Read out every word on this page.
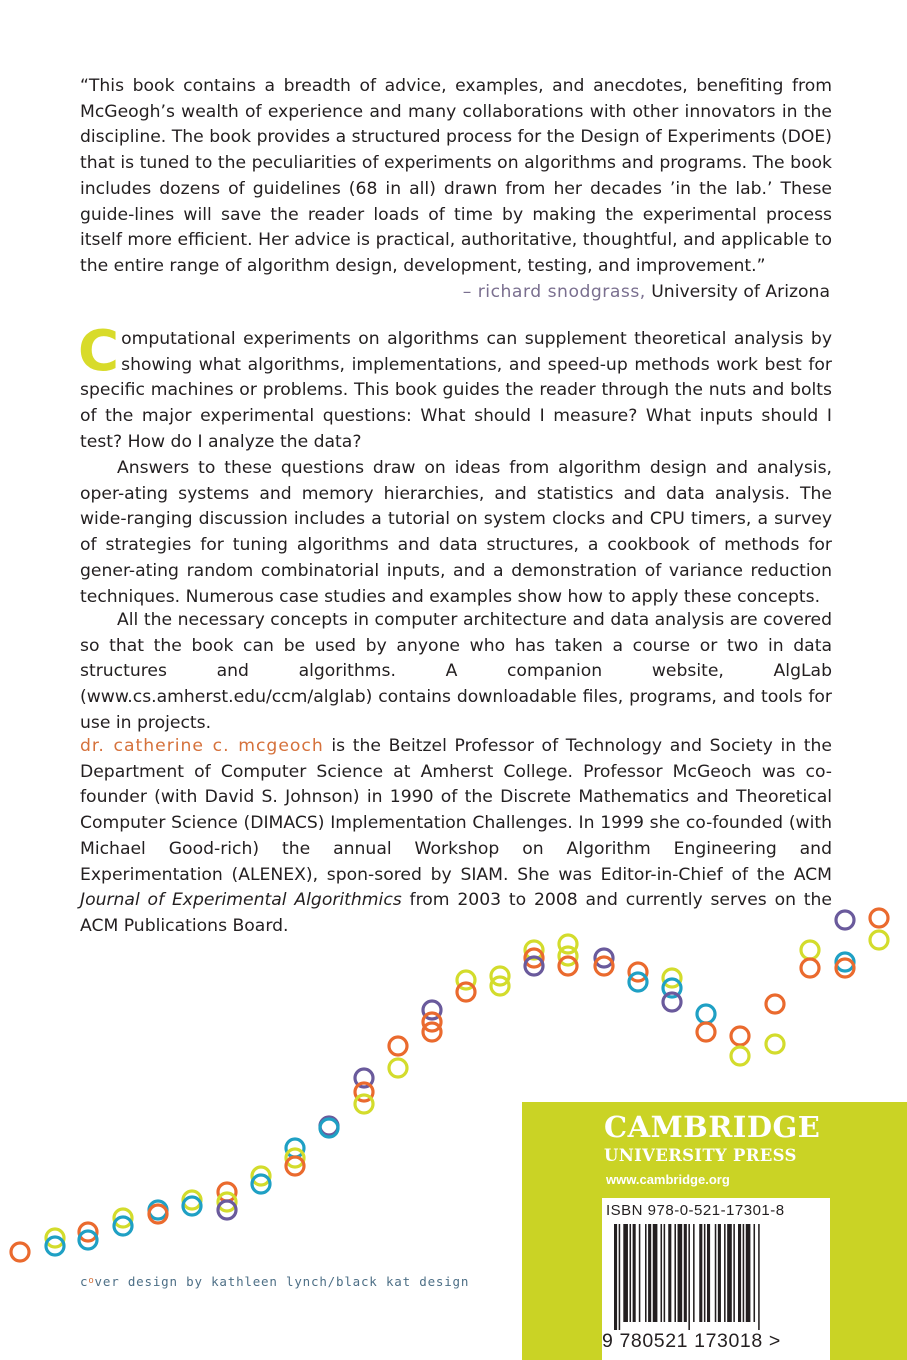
“This book contains a breadth of advice, examples, and anecdotes, benefiting from McGeogh’s wealth of experience and many collaborations with other innovators in the discipline. The book provides a structured process for the Design of Experiments (DOE) that is tuned to the peculiarities of experiments on algorithms and programs. The book includes dozens of guidelines (68 in all) drawn from her decades ’in the lab.’ These guide-lines will save the reader loads of time by making the experimental process itself more efficient. Her advice is practical, authoritative, thoughtful, and applicable to the entire range of algorithm design, development, testing, and improvement.”

– richard snodgrass, University of Arizona

Computational experiments on algorithms can supplement theoretical analysis by showing what algorithms, implementations, and speed-up methods work best for specific machines or problems. This book guides the reader through the nuts and bolts of the major experimental questions: What should I measure? What inputs should I test? How do I analyze the data?

Answers to these questions draw on ideas from algorithm design and analysis, oper-ating systems and memory hierarchies, and statistics and data analysis. The wide-ranging discussion includes a tutorial on system clocks and CPU timers, a survey of strategies for tuning algorithms and data structures, a cookbook of methods for gener-ating random combinatorial inputs, and a demonstration of variance reduction techniques. Numerous case studies and examples show how to apply these concepts.

All the necessary concepts in computer architecture and data analysis are covered so that the book can be used by anyone who has taken a course or two in data structures and algorithms. A companion website, AlgLab (www.cs.amherst.edu/ccm/alglab) contains downloadable files, programs, and tools for use in projects.

dr. catherine c. mcgeoch is the Beitzel Professor of Technology and Society in the Department of Computer Science at Amherst College. Professor McGeoch was co-founder (with David S. Johnson) in 1990 of the Discrete Mathematics and Theoretical Computer Science (DIMACS) Implementation Challenges. In 1999 she co-founded (with Michael Good-rich) the annual Workshop on Algorithm Engineering and Experimentation (ALENEX), spon-sored by SIAM. She was Editor-in-Chief of the ACM Journal of Experimental Algorithmics from 2003 to 2008 and currently serves on the ACM Publications Board.

$c^over$ design by kathleen lynch/black kat design
CAMBRIDGE
UNIVERSITY PRESS
www.cambridge.org
ISBN 978-0-521-17301-8
9 780521 173018 >
